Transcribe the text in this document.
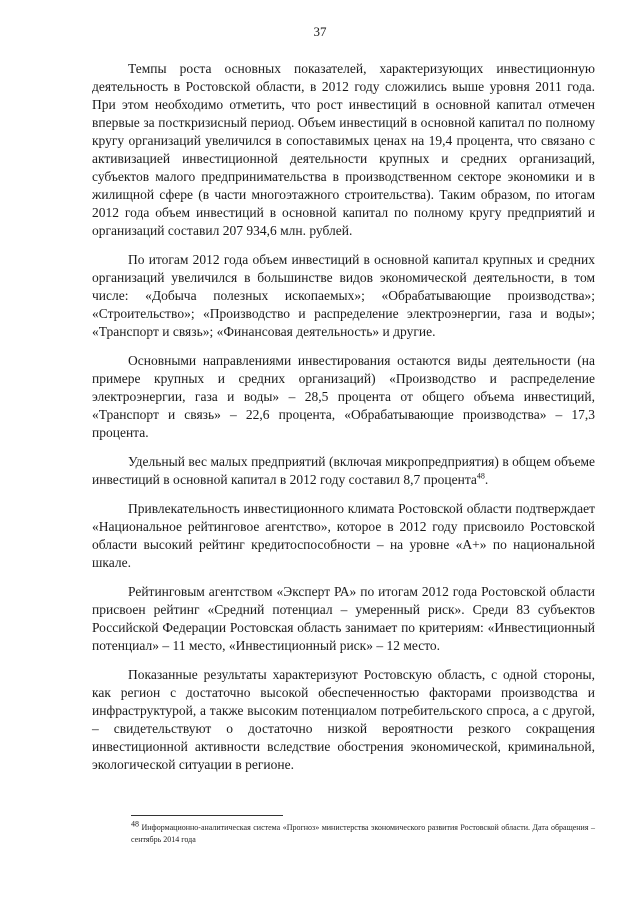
37

Темпы роста основных показателей, характеризующих инвестиционную деятельность в Ростовской области, в 2012 году сложились выше уровня 2011 года. При этом необходимо отметить, что рост инвестиций в основной капитал отмечен впервые за посткризисный период. Объем инвестиций в основной капитал по полному кругу организаций увеличился в сопоставимых ценах на 19,4 процента, что связано с активизацией инвестиционной деятельности крупных и средних организаций, субъектов малого предпринимательства в производственном секторе экономики и в жилищной сфере (в части многоэтажного строительства). Таким образом, по итогам 2012 года объем инвестиций в основной капитал по полному кругу предприятий и организаций составил 207 934,6 млн. рублей.

По итогам 2012 года объем инвестиций в основной капитал крупных и средних организаций увеличился в большинстве видов экономической деятельности, в том числе: «Добыча полезных ископаемых»; «Обрабатывающие производства»; «Строительство»; «Производство и распределение электроэнергии, газа и воды»; «Транспорт и связь»; «Финансовая деятельность» и другие.

Основными направлениями инвестирования остаются виды деятельности (на примере крупных и средних организаций) «Производство и распределение электроэнергии, газа и воды» – 28,5 процента от общего объема инвестиций, «Транспорт и связь» – 22,6 процента, «Обрабатывающие производства» – 17,3 процента.

Удельный вес малых предприятий (включая микропредприятия) в общем объеме инвестиций в основной капитал в 2012 году составил 8,7 процента$^{48}$.

Привлекательность инвестиционного климата Ростовской области подтверждает «Национальное рейтинговое агентство», которое в 2012 году присвоило Ростовской области высокий рейтинг кредитоспособности – на уровне «А+» по национальной шкале.

Рейтинговым агентством «Эксперт РА» по итогам 2012 года Ростовской области присвоен рейтинг «Средний потенциал – умеренный риск». Среди 83 субъектов Российской Федерации Ростовская область занимает по критериям: «Инвестиционный потенциал» – 11 место, «Инвестиционный риск» – 12 место.

Показанные результаты характеризуют Ростовскую область, с одной стороны, как регион с достаточно высокой обеспеченностью факторами производства и инфраструктурой, а также высоким потенциалом потребительского спроса, а с другой, – свидетельствуют о достаточно низкой вероятности резкого сокращения инвестиционной активности вследствие обострения экономической, криминальной, экологической ситуации в регионе.

$^{48}$ Информационно-аналитическая система «Прогноз» министерства экономического развития Ростовской области. Дата обращения – сентябрь 2014 года
